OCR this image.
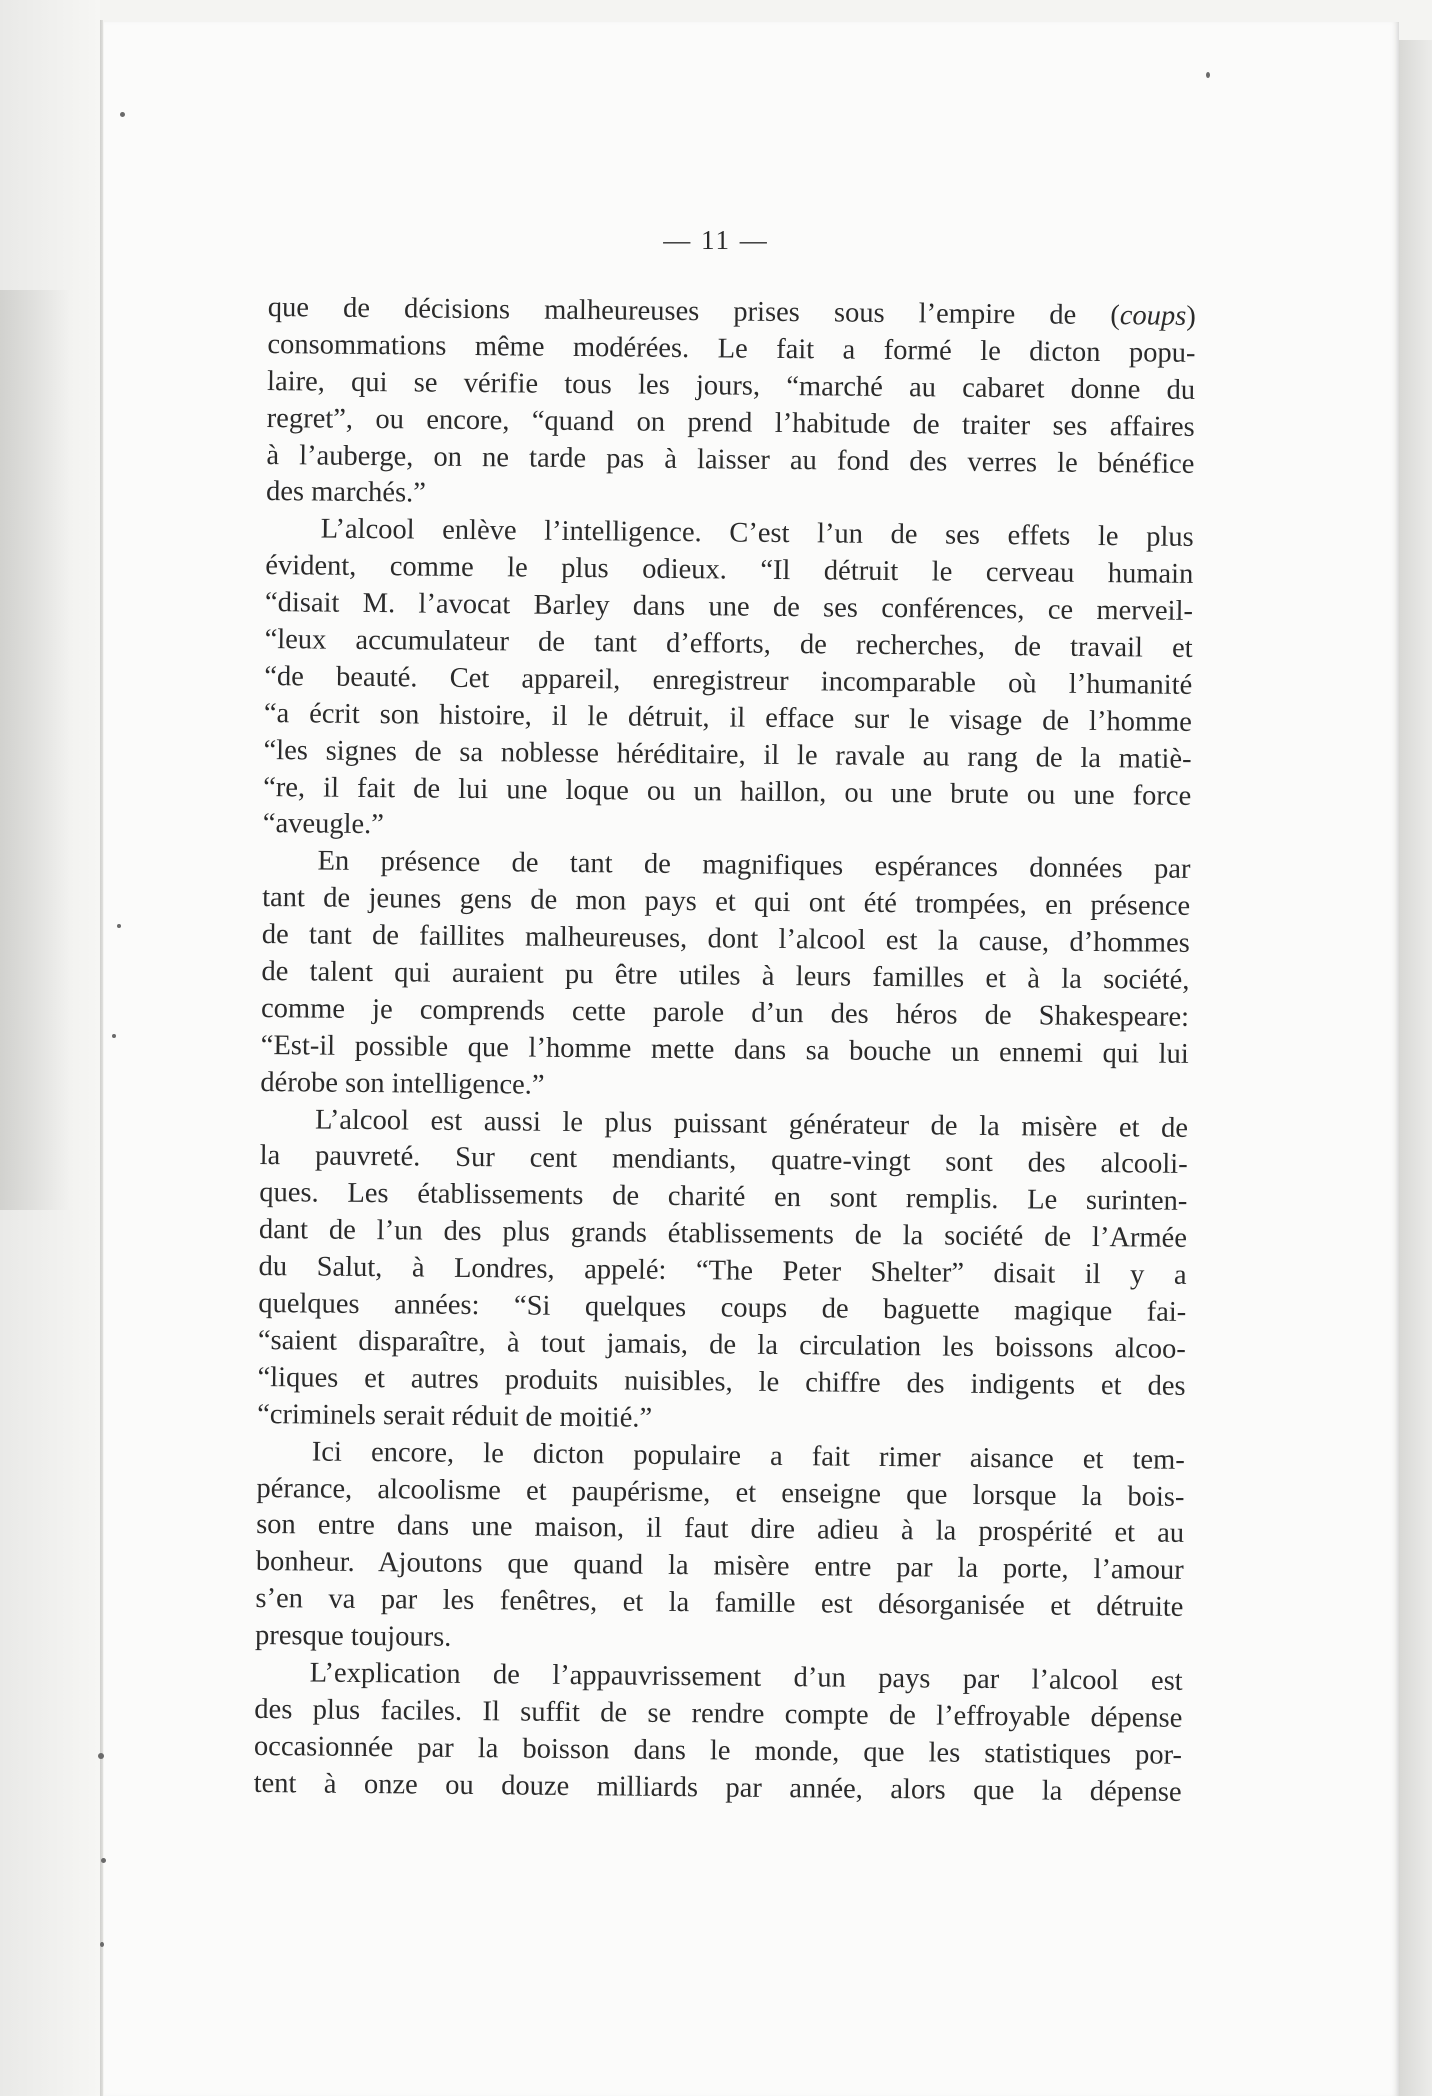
— 11 —
que de décisions malheureuses prises sous l’empire de (coups)
consommations même modérées. Le fait a formé le dicton popu-
laire, qui se vérifie tous les jours, “marché au cabaret donne du
regret”, ou encore, “quand on prend l’habitude de traiter ses affaires
à l’auberge, on ne tarde pas à laisser au fond des verres le bénéfice
des marchés.”
L’alcool enlève l’intelligence. C’est l’un de ses effets le plus
évident, comme le plus odieux. “Il détruit le cerveau humain
“disait M. l’avocat Barley dans une de ses conférences, ce merveil-
“leux accumulateur de tant d’efforts, de recherches, de travail et
“de beauté. Cet appareil, enregistreur incomparable où l’humanité
“a écrit son histoire, il le détruit, il efface sur le visage de l’homme
“les signes de sa noblesse héréditaire, il le ravale au rang de la matiè-
“re, il fait de lui une loque ou un haillon, ou une brute ou une force
“aveugle.”
En présence de tant de magnifiques espérances données par
tant de jeunes gens de mon pays et qui ont été trompées, en présence
de tant de faillites malheureuses, dont l’alcool est la cause, d’hommes
de talent qui auraient pu être utiles à leurs familles et à la société,
comme je comprends cette parole d’un des héros de Shakespeare:
“Est-il possible que l’homme mette dans sa bouche un ennemi qui lui
dérobe son intelligence.”
L’alcool est aussi le plus puissant générateur de la misère et de
la pauvreté. Sur cent mendiants, quatre-vingt sont des alcooli-
ques. Les établissements de charité en sont remplis. Le surinten-
dant de l’un des plus grands établissements de la société de l’Armée
du Salut, à Londres, appelé: “The Peter Shelter” disait il y a
quelques années: “Si quelques coups de baguette magique fai-
“saient disparaître, à tout jamais, de la circulation les boissons alcoo-
“liques et autres produits nuisibles, le chiffre des indigents et des
“criminels serait réduit de moitié.”
Ici encore, le dicton populaire a fait rimer aisance et tem-
pérance, alcoolisme et paupérisme, et enseigne que lorsque la bois-
son entre dans une maison, il faut dire adieu à la prospérité et au
bonheur. Ajoutons que quand la misère entre par la porte, l’amour
s’en va par les fenêtres, et la famille est désorganisée et détruite
presque toujours.
L’explication de l’appauvrissement d’un pays par l’alcool est
des plus faciles. Il suffit de se rendre compte de l’effroyable dépense
occasionnée par la boisson dans le monde, que les statistiques por-
tent à onze ou douze milliards par année, alors que la dépense
